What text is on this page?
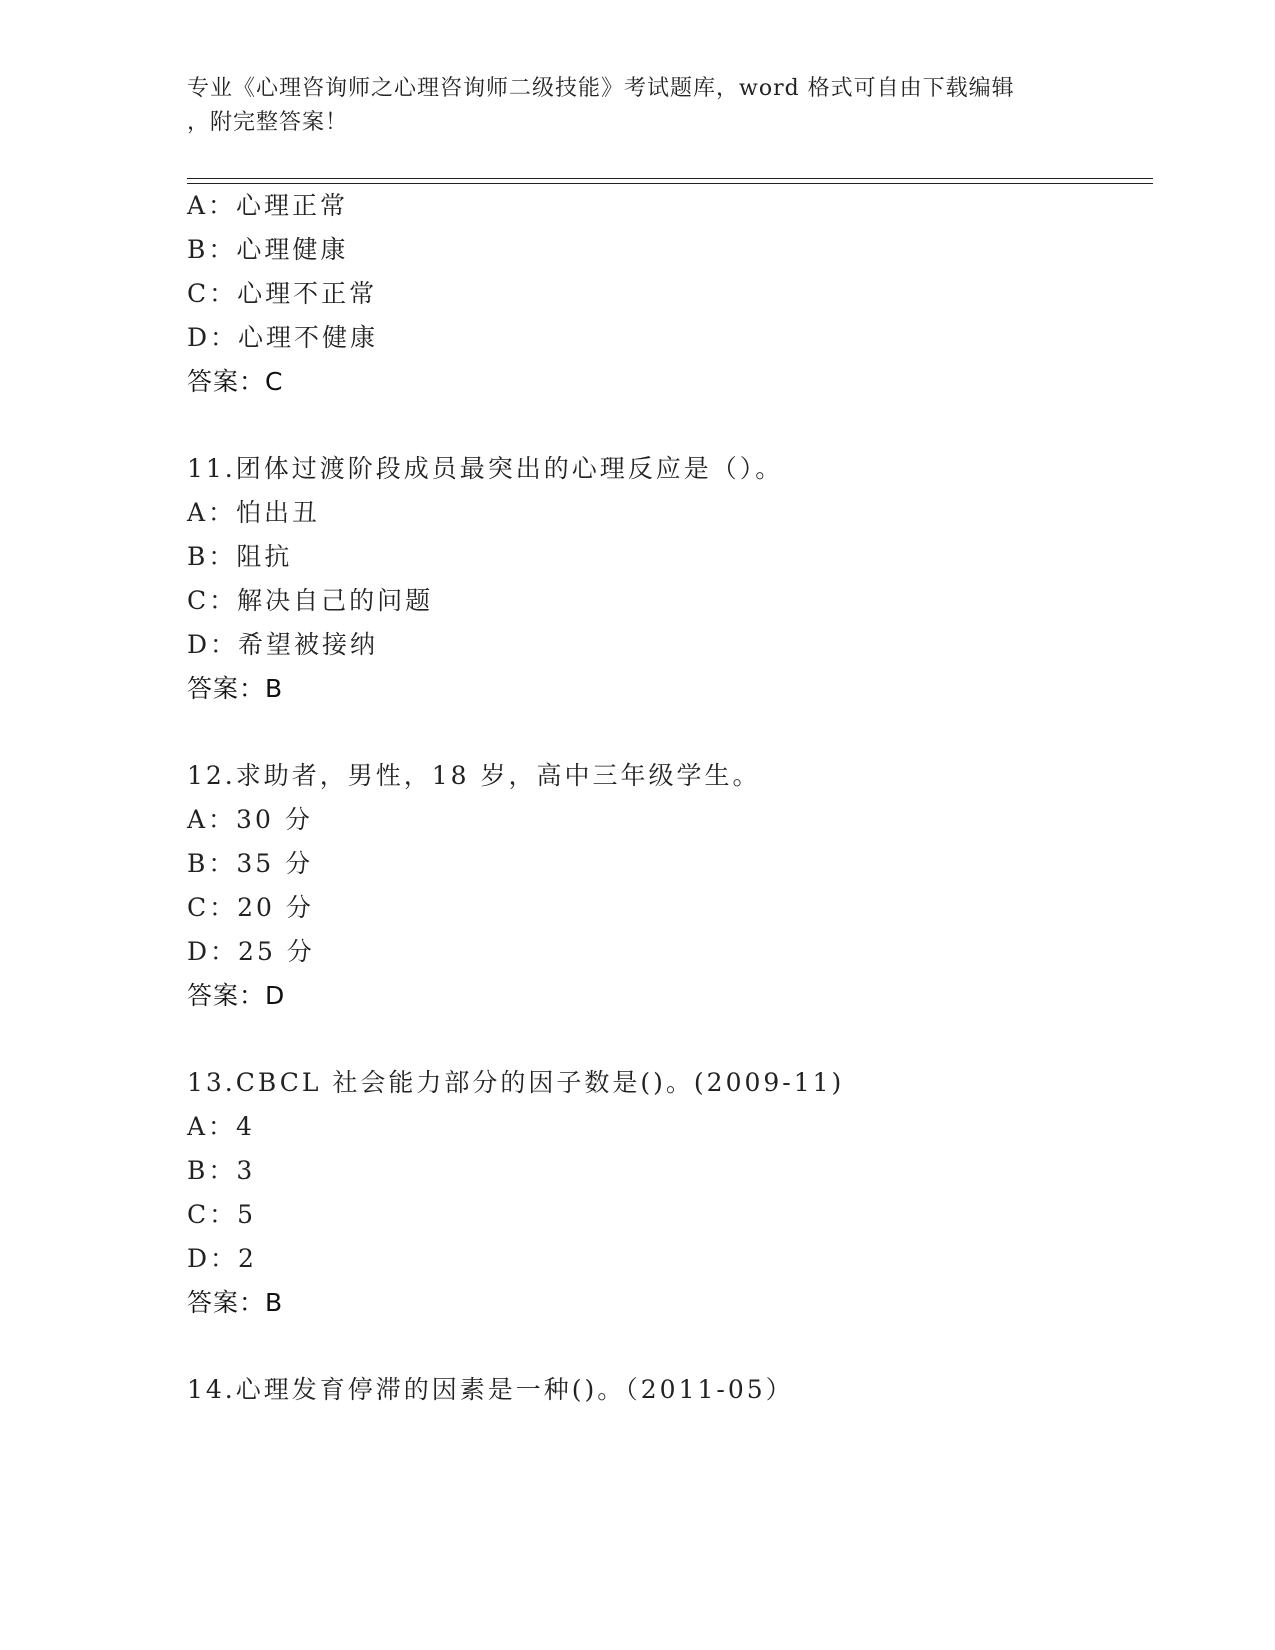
专业《心理咨询师之心理咨询师二级技能》考试题库，word 格式可自由下载编辑
，附完整答案！
A：心理正常
B：心理健康
C：心理不正常
D：心理不健康
答案：C
11.团体过渡阶段成员最突出的心理反应是（）。
A：怕出丑
B：阻抗
C：解决自己的问题
D：希望被接纳
答案：B
12.求助者，男性，18 岁，高中三年级学生。
A：30 分
B：35 分
C：20 分
D：25 分
答案：D
13.CBCL 社会能力部分的因子数是()。(2009-11)
A：4
B：3
C：5
D：2
答案：B
14.心理发育停滞的因素是一种()。（2011-05）
